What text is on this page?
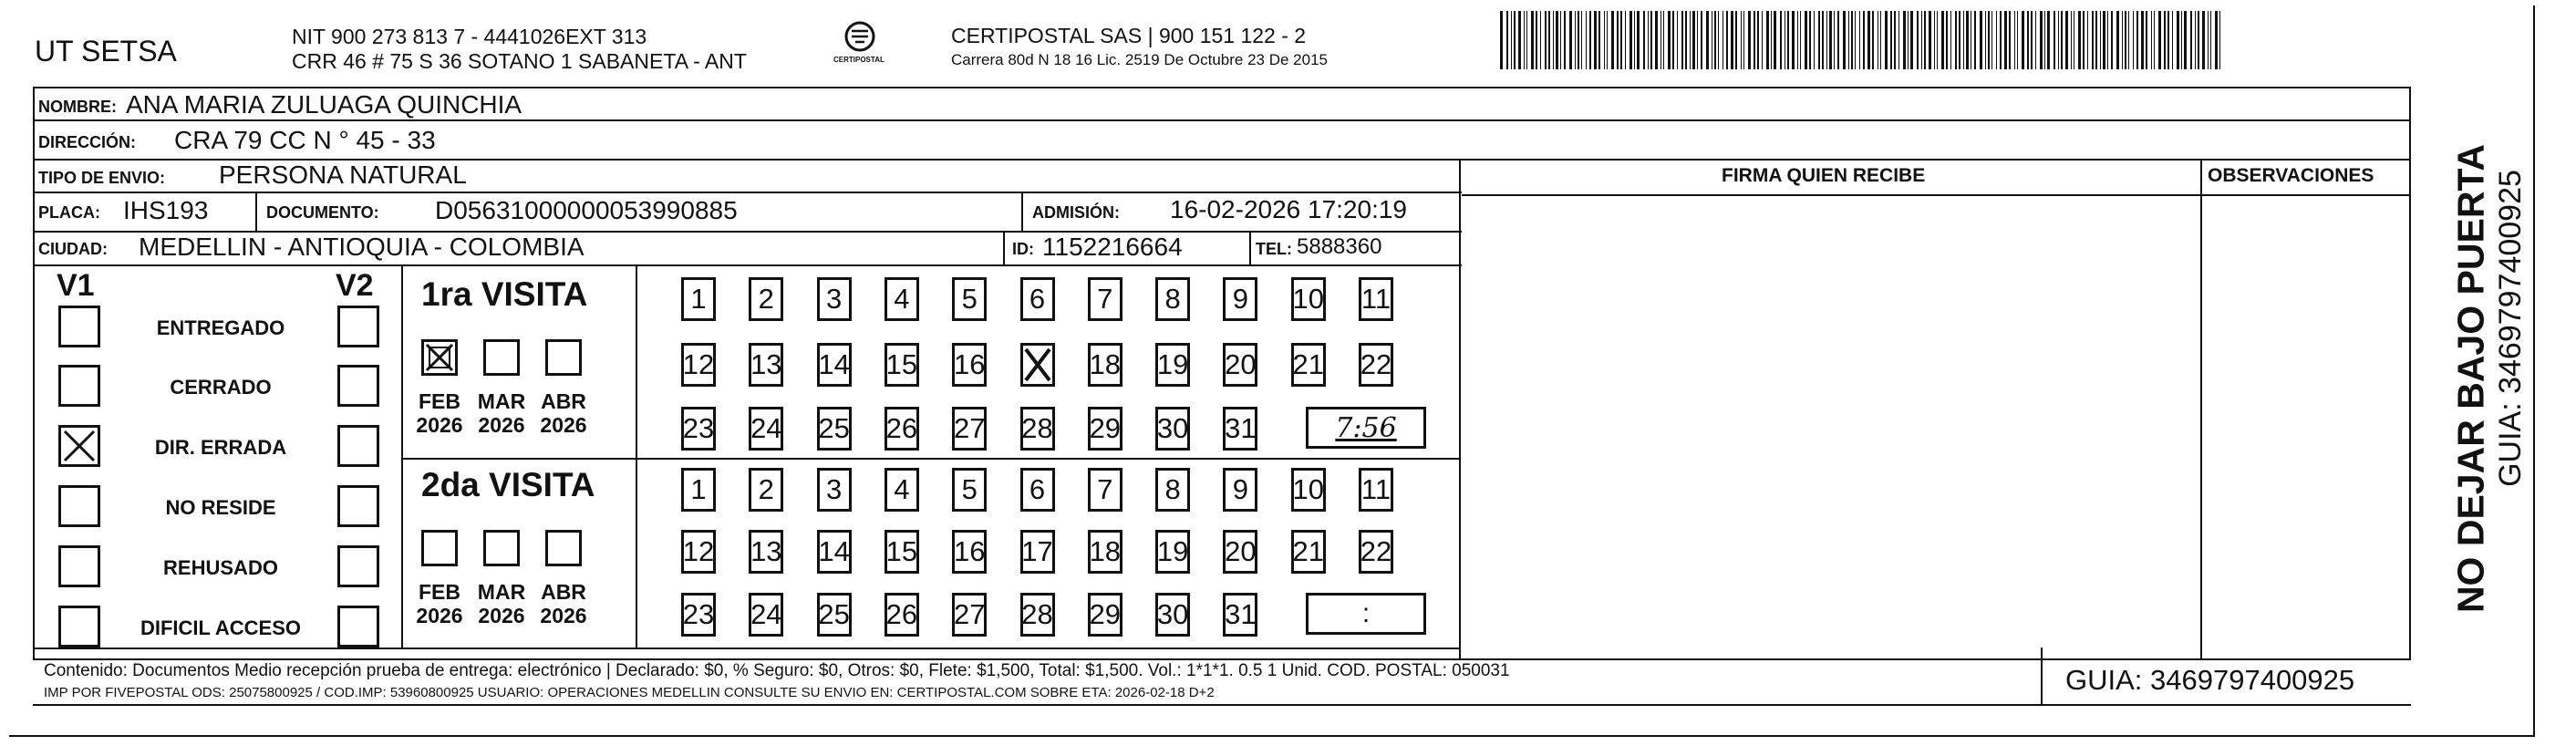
UT SETSA	NIT 900 273 813 7 - 4441026EXT 313
CRR 46 # 75 S 36 SOTANO 1 SABANETA - ANT	CERTIPOSTAL
CERTIPOSTAL SAS | 900 151 122 - 2
Carrera 80d N 18 16 Lic. 2519 De Octubre 23 De 2015
NOMBRE: ANA MARIA ZULUAGA QUINCHIA
DIRECCIÓN: CRA 79 CC N ° 45 - 33
TIPO DE ENVIO: PERSONA NATURAL
PLACA: IHS193	DOCUMENTO: D05631000000053990885	ADMISIÓN: 16-02-2026 17:20:19
CIUDAD: MEDELLIN - ANTIOQUIA - COLOMBIA	ID: 1152216664	TEL: 5888360
FIRMA QUIEN RECIBE	OBSERVACIONES
V1	V2
ENTREGADO
CERRADO
DIR. ERRADA
NO RESIDE
REHUSADO
DIFICIL ACCESO
1ra VISITA
2da VISITA
FEB
2026
MAR
2026
ABR
2026
FEB
2026
MAR
2026
ABR
2026
1	2	3	4	5	6	7	8	9	10 11
12 13 14 15 16	18 19 20 21 22
23 24 25 26 27 28 29 30 31	7:56
1	2	3	4	5	6	7	8	9	10 11
12 13 14 15 16 17 18 19 20 21 22
23 24 25 26 27 28 29 30 31	:
Contenido: Documentos Medio recepción prueba de entrega: electrónico | Declarado: $0, % Seguro: $0, Otros: $0, Flete: $1,500, Total: $1,500. Vol.: 1*1*1. 0.5 1 Unid. COD. POSTAL: 050031
IMP POR FIVEPOSTAL ODS: 25075800925 / COD.IMP: 53960800925 USUARIO: OPERACIONES MEDELLIN CONSULTE SU ENVIO EN: CERTIPOSTAL.COM SOBRE ETA: 2026-02-18 D+2	GUIA: 3469797400925
NO DEJAR BAJO PUERTA GUIA: 3469797400925
